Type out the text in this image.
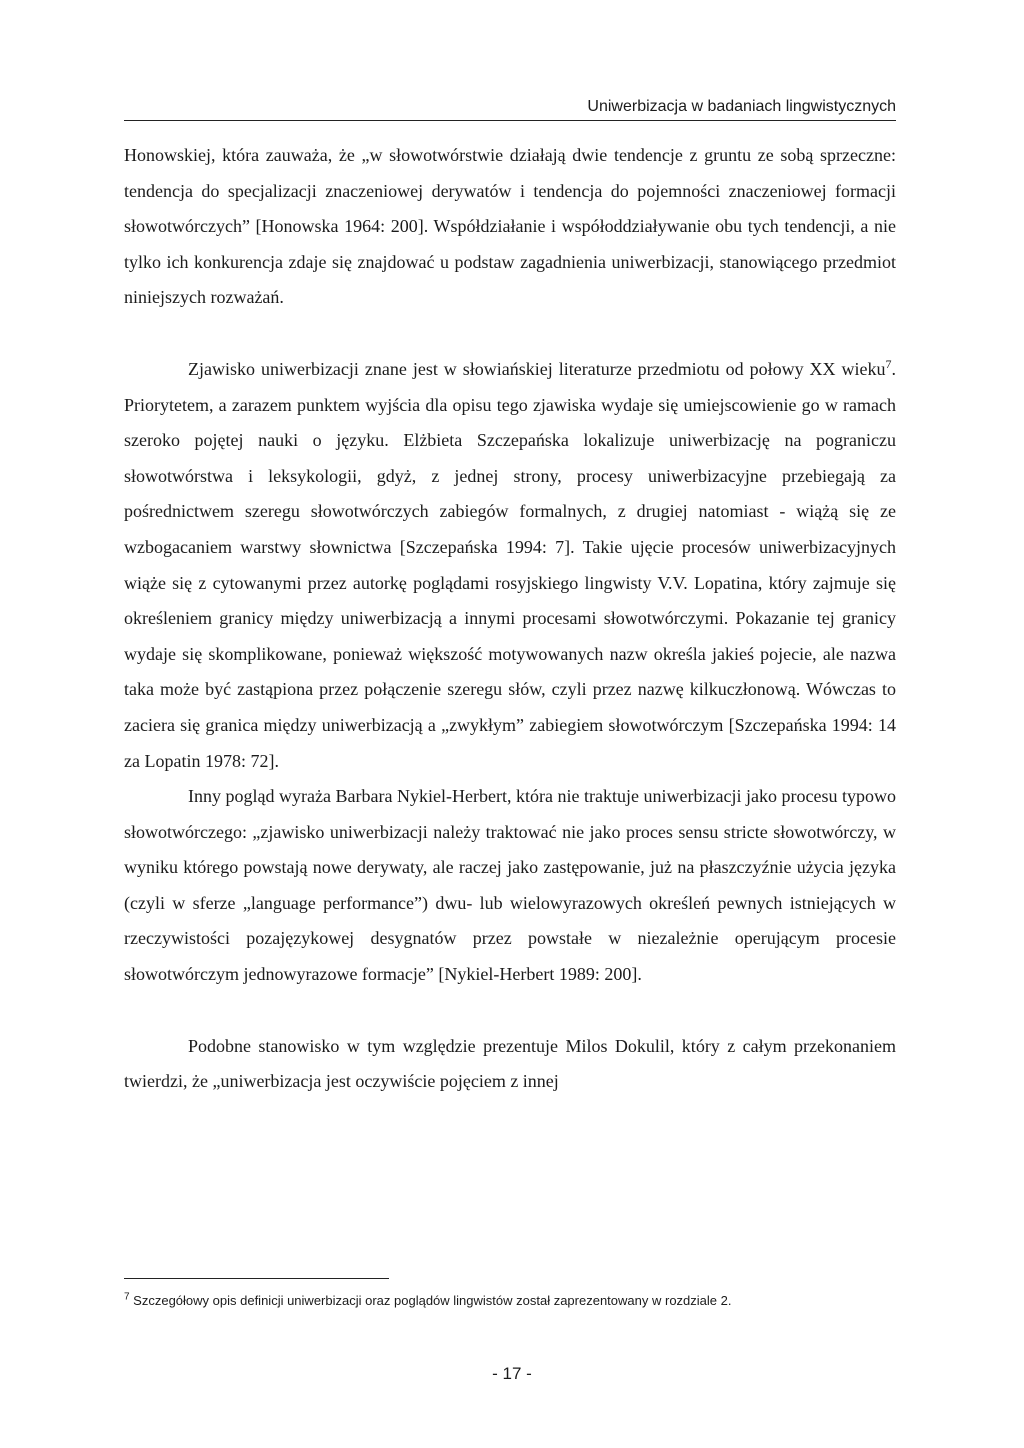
Uniwerbizacja w badaniach lingwistycznych

Honowskiej, która zauważa, że „w słowotwórstwie działają dwie tendencje z gruntu ze sobą sprzeczne: tendencja do specjalizacji znaczeniowej derywatów i tendencja do pojemności znaczeniowej formacji słowotwórczych” [Honowska 1964: 200]. Współdziałanie i współoddziaływanie obu tych tendencji, a nie tylko ich konkurencja zdaje się znajdować u podstaw zagadnienia uniwerbizacji, stanowiącego przedmiot niniejszych rozważań.

Zjawisko uniwerbizacji znane jest w słowiańskiej literaturze przedmiotu od połowy XX wieku$^7$. Priorytetem, a zarazem punktem wyjścia dla opisu tego zjawiska wydaje się umiejscowienie go w ramach szeroko pojętej nauki o języku. Elżbieta Szczepańska lokalizuje uniwerbizację na pograniczu słowotwórstwa i leksykologii, gdyż, z jednej strony, procesy uniwerbizacyjne przebiegają za pośrednictwem szeregu słowotwórczych zabiegów formalnych, z drugiej natomiast - wiążą się ze wzbogacaniem warstwy słownictwa [Szczepańska 1994: 7]. Takie ujęcie procesów uniwerbizacyjnych wiąże się z cytowanymi przez autorkę poglądami rosyjskiego lingwisty V.V. Lopatina, który zajmuje się określeniem granicy między uniwerbizacją a innymi procesami słowotwórczymi. Pokazanie tej granicy wydaje się skomplikowane, ponieważ większość motywowanych nazw określa jakieś pojecie, ale nazwa taka może być zastąpiona przez połączenie szeregu słów, czyli przez nazwę kilkuczłonową. Wówczas to zaciera się granica między uniwerbizacją a „zwykłym” zabiegiem słowotwórczym [Szczepańska 1994: 14 za Lopatin 1978: 72].

Inny pogląd wyraża Barbara Nykiel-Herbert, która nie traktuje uniwerbizacji jako procesu typowo słowotwórczego: „zjawisko uniwerbizacji należy traktować nie jako proces sensu stricte słowotwórczy, w wyniku którego powstają nowe derywaty, ale raczej jako zastępowanie, już na płaszczyźnie użycia języka (czyli w sferze „language performance”) dwu- lub wielowyrazowych określeń pewnych istniejących w rzeczywistości pozajęzykowej desygnatów przez powstałe w niezależnie operującym procesie słowotwórczym jednowyrazowe formacje” [Nykiel-Herbert 1989: 200].

Podobne stanowisko w tym względzie prezentuje Milos Dokulil, który z całym przekonaniem twierdzi, że „uniwerbizacja jest oczywiście pojęciem z innej

$^7$ Szczegółowy opis definicji uniwerbizacji oraz poglądów lingwistów został zaprezentowany w rozdziale 2.
- 17 -
